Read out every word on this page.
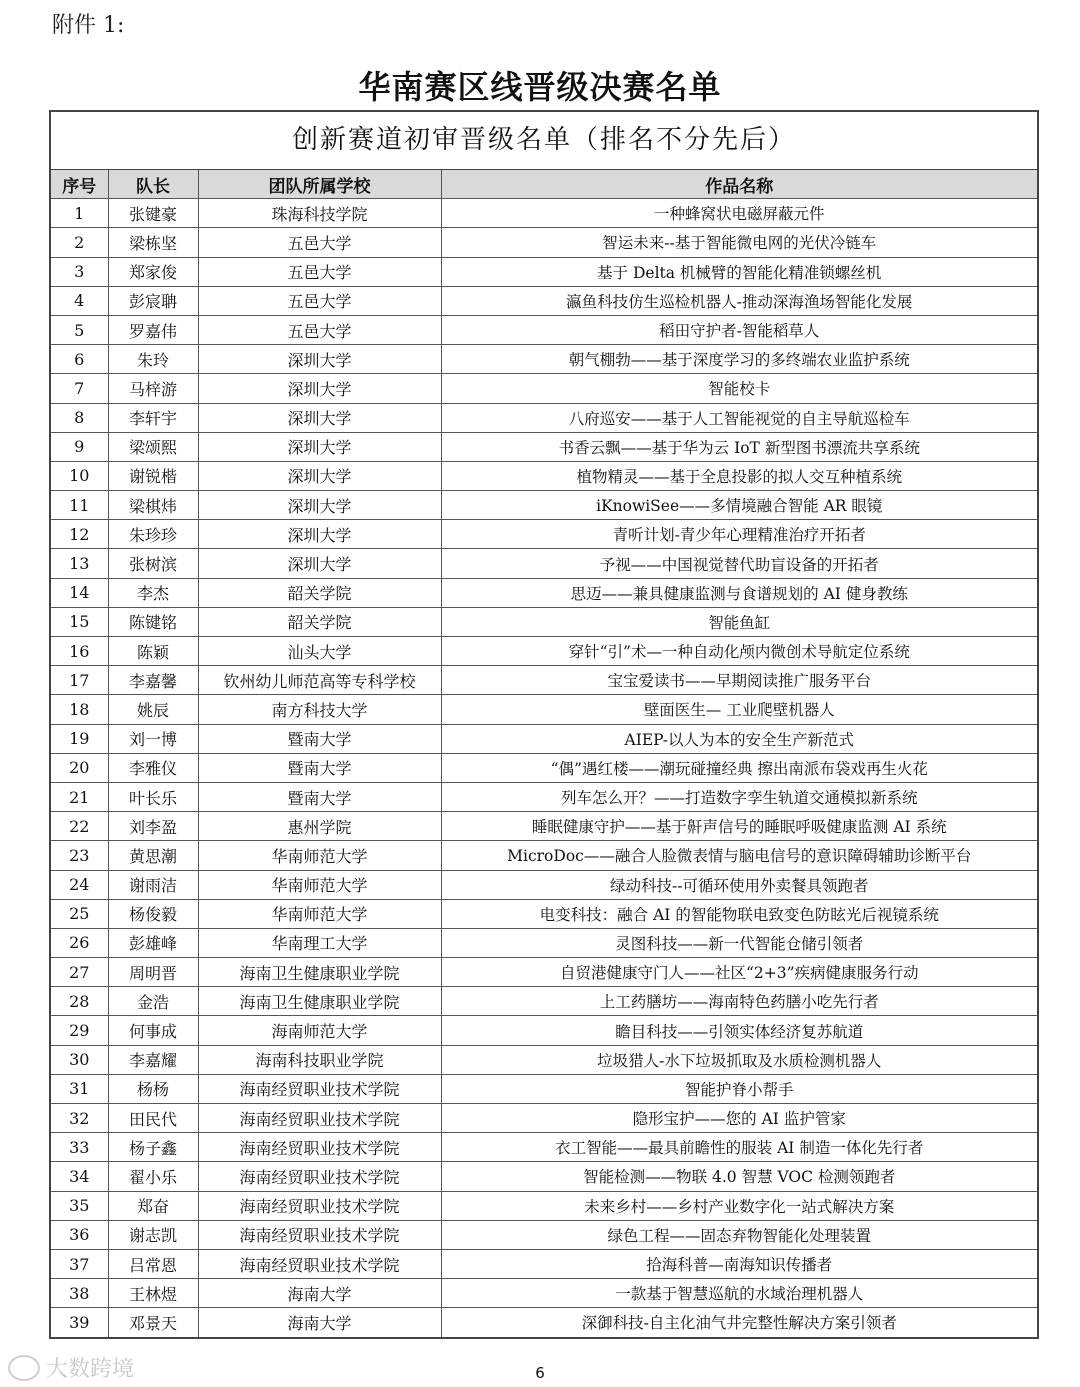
附件 1:
华南赛区线晋级决赛名单
创新赛道初审晋级名单（排名不分先后）
序号	队长	团队所属学校	作品名称
1	张键豪	珠海科技学院	一种蜂窝状电磁屏蔽元件
2	梁栋坚	五邑大学	智运未来--基于智能微电网的光伏冷链车
3	郑家俊	五邑大学	基于 Delta 机械臂的智能化精准锁螺丝机
4	彭宸聃	五邑大学	瀛鱼科技仿生巡检机器人-推动深海渔场智能化发展
5	罗嘉伟	五邑大学	稻田守护者-智能稻草人
6	朱玲	深圳大学	朝气棚勃——基于深度学习的多终端农业监护系统
7	马梓游	深圳大学	智能校卡
8	李轩宇	深圳大学	八府巡安——基于人工智能视觉的自主导航巡检车
9	梁颂熙	深圳大学	书香云飘——基于华为云 IoT 新型图书漂流共享系统
10	谢锐楷	深圳大学	植物精灵——基于全息投影的拟人交互种植系统
11	梁棋炜	深圳大学	iKnowiSee——多情境融合智能 AR 眼镜
12	朱珍珍	深圳大学	青听计划-青少年心理精准治疗开拓者
13	张树滨	深圳大学	予视——中国视觉替代助盲设备的开拓者
14	李杰	韶关学院	思迈——兼具健康监测与食谱规划的 AI 健身教练
15	陈键铭	韶关学院	智能鱼缸
16	陈颖	汕头大学	穿针“引”术—一种自动化颅内微创术导航定位系统
17	李嘉馨	钦州幼儿师范高等专科学校	宝宝爱读书——早期阅读推广服务平台
18	姚辰	南方科技大学	壁面医生— 工业爬壁机器人
19	刘一博	暨南大学	AIEP-以人为本的安全生产新范式
20	李雅仪	暨南大学	“偶”遇红楼——潮玩碰撞经典 擦出南派布袋戏再生火花
21	叶长乐	暨南大学	列车怎么开？——打造数字孪生轨道交通模拟新系统
22	刘李盈	惠州学院	睡眠健康守护——基于鼾声信号的睡眠呼吸健康监测 AI 系统
23	黄思潮	华南师范大学	MicroDoc——融合人脸微表情与脑电信号的意识障碍辅助诊断平台
24	谢雨洁	华南师范大学	绿动科技--可循环使用外卖餐具领跑者
25	杨俊毅	华南师范大学	电变科技：融合 AI 的智能物联电致变色防眩光后视镜系统
26	彭雄峰	华南理工大学	灵图科技——新一代智能仓储引领者
27	周明晋	海南卫生健康职业学院	自贸港健康守门人——社区“2+3”疾病健康服务行动
28	金浩	海南卫生健康职业学院	上工药膳坊——海南特色药膳小吃先行者
29	何事成	海南师范大学	瞻目科技——引领实体经济复苏航道
30	李嘉耀	海南科技职业学院	垃圾猎人-水下垃圾抓取及水质检测机器人
31	杨杨	海南经贸职业技术学院	智能护脊小帮手
32	田民代	海南经贸职业技术学院	隐形宝护——您的 AI 监护管家
33	杨子鑫	海南经贸职业技术学院	衣工智能——最具前瞻性的服装 AI 制造一体化先行者
34	翟小乐	海南经贸职业技术学院	智能检测——物联 4.0 智慧 VOC 检测领跑者
35	郑奋	海南经贸职业技术学院	未来乡村——乡村产业数字化一站式解决方案
36	谢志凯	海南经贸职业技术学院	绿色工程——固态弃物智能化处理装置
37	吕常恩	海南经贸职业技术学院	拾海科普—南海知识传播者
38	王林煜	海南大学	一款基于智慧巡航的水域治理机器人
39	邓景天	海南大学	深御科技-自主化油气井完整性解决方案引领者
大数跨境	6
